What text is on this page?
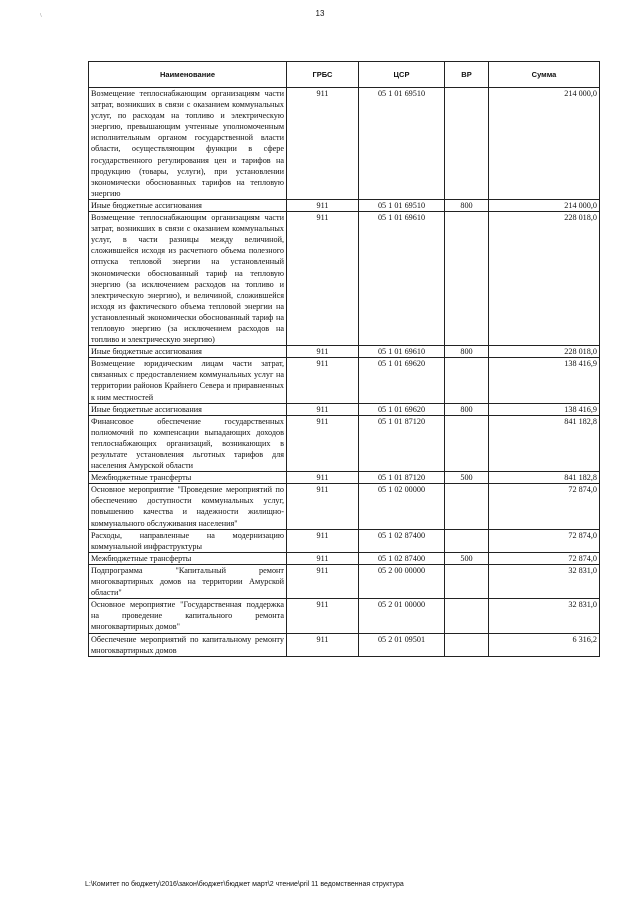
\	13
Наименование	ГРБС	ЦСР	ВР	Сумма
Возмещение теплоснабжающим организациям части затрат, возникших в связи с оказанием коммунальных услуг, по расходам на топливо и электрическую энергию, превышающим учтенные уполномоченным исполнительным органом государственной власти области, осуществляющим функции в сфере государственного регулирования цен и тарифов на продукцию (товары, услуги), при установлении экономически обоснованных тарифов на тепловую энергию	911	05 1 01 69510		214 000,0
Иные бюджетные ассигнования	911	05 1 01 69510	800	214 000,0
Возмещение теплоснабжающим организациям части затрат, возникших в связи с оказанием коммунальных услуг, в части разницы между величиной, сложившейся исходя из расчетного объема полезного отпуска тепловой энергии на установленный экономически обоснованный тариф на тепловую энергию (за исключением расходов на топливо и электрическую энергию), и величиной, сложившейся исходя из фактического объема тепловой энергии на установленный экономически обоснованный тариф на тепловую энергию (за исключением расходов на топливо и электрическую энергию)	911	05 1 01 69610		228 018,0
Иные бюджетные ассигнования	911	05 1 01 69610	800	228 018,0
Возмещение юридическим лицам части затрат, связанных с предоставлением коммунальных услуг на территории районов Крайнего Севера и приравненных к ним местностей	911	05 1 01 69620		138 416,9
Иные бюджетные ассигнования	911	05 1 01 69620	800	138 416,9
Финансовое обеспечение государственных полномочий по компенсации выпадающих доходов теплоснабжающих организаций, возникающих в результате установления льготных тарифов для населения Амурской области	911	05 1 01 87120		841 182,8
Межбюджетные трансферты	911	05 1 01 87120	500	841 182,8
Основное мероприятие "Проведение мероприятий по обеспечению доступности коммунальных услуг, повышению качества и надежности жилищно-коммунального обслуживания населения"	911	05 1 02 00000		72 874,0
Расходы, направленные на модернизацию коммунальной инфраструктуры	911	05 1 02 87400		72 874,0
Межбюджетные трансферты	911	05 1 02 87400	500	72 874,0
Подпрограмма "Капитальный ремонт многоквартирных домов на территории Амурской области"	911	05 2 00 00000		32 831,0
Основное мероприятие "Государственная поддержка на проведение капитального ремонта многоквартирных домов"	911	05 2 01 00000		32 831,0
Обеспечение мероприятий по капитальному ремонту многоквартирных домов	911	05 2 01 09501		6 316,2
L:\Комитет по бюджету\2016\закон\бюджет\бюджет март\2 чтение\pril 11 ведомственная структура
